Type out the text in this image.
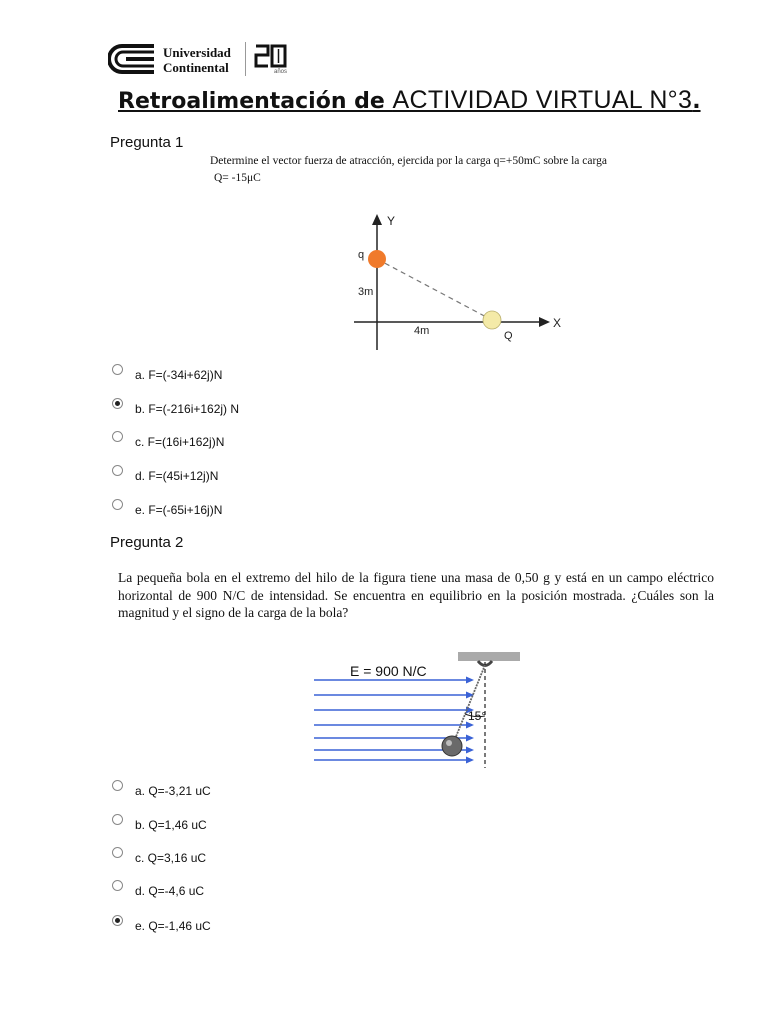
Universidad
Continental	años
Retroalimentación de ACTIVIDAD VIRTUAL N°3.
Pregunta 1
Determine el vector fuerza de atracción, ejercida por la carga q=+50mC sobre la carga
Q= -15μC
Y
X
q
Q
3m
4m
a. F=(-34i+62j)N
b. F=(-216i+162j) N
c. F=(16i+162j)N
d. F=(45i+12j)N
e. F=(-65i+16j)N
Pregunta 2
La pequeña bola en el extremo del hilo de la figura tiene una masa de 0,50 g y está en un campo eléctrico horizontal de 900 N/C de intensidad. Se encuentra en equilibrio en la posición mostrada. ¿Cuáles son la magnitud y el signo de la carga de la bola?
E = 900 N/C
15°
a. Q=-3,21 uC
b. Q=1,46 uC
c. Q=3,16 uC
d. Q=-4,6 uC
e. Q=-1,46 uC
